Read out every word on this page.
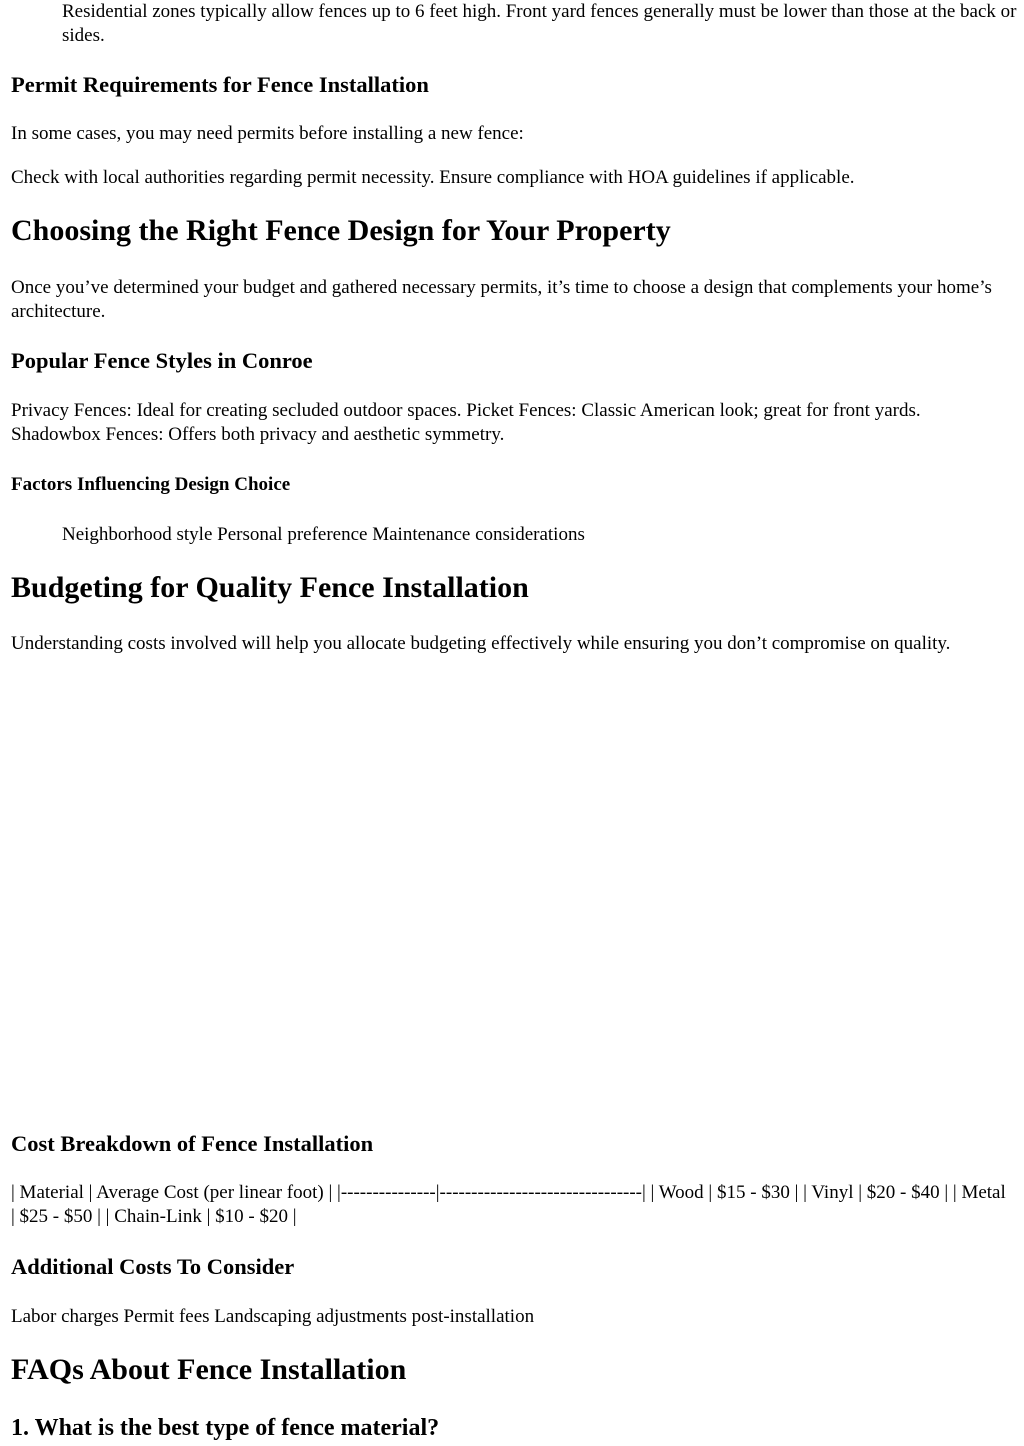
Residential zones typically allow fences up to 6 feet high. Front yard fences generally must be lower than those at the back or sides.
Permit Requirements for Fence Installation

In some cases, you may need permits before installing a new fence:

Check with local authorities regarding permit necessity. Ensure compliance with HOA guidelines if applicable.

Choosing the Right Fence Design for Your Property

Once you’ve determined your budget and gathered necessary permits, it’s time to choose a design that complements your home’s architecture.

Popular Fence Styles in Conroe

Privacy Fences: Ideal for creating secluded outdoor spaces. Picket Fences: Classic American look; great for front yards. Shadowbox Fences: Offers both privacy and aesthetic symmetry.

Factors Influencing Design Choice
Neighborhood style Personal preference Maintenance considerations
Budgeting for Quality Fence Installation

Understanding costs involved will help you allocate budgeting effectively while ensuring you don’t compromise on quality.

Cost Breakdown of Fence Installation

| Material | Average Cost (per linear foot) | |---------------|--------------------------------| | Wood | $15 - $30 | | Vinyl | $20 - $40 | | Metal | $25 - $50 | | Chain-Link | $10 - $20 |

Additional Costs To Consider

Labor charges Permit fees Landscaping adjustments post-installation

FAQs About Fence Installation
1. What is the best type of fence material?
